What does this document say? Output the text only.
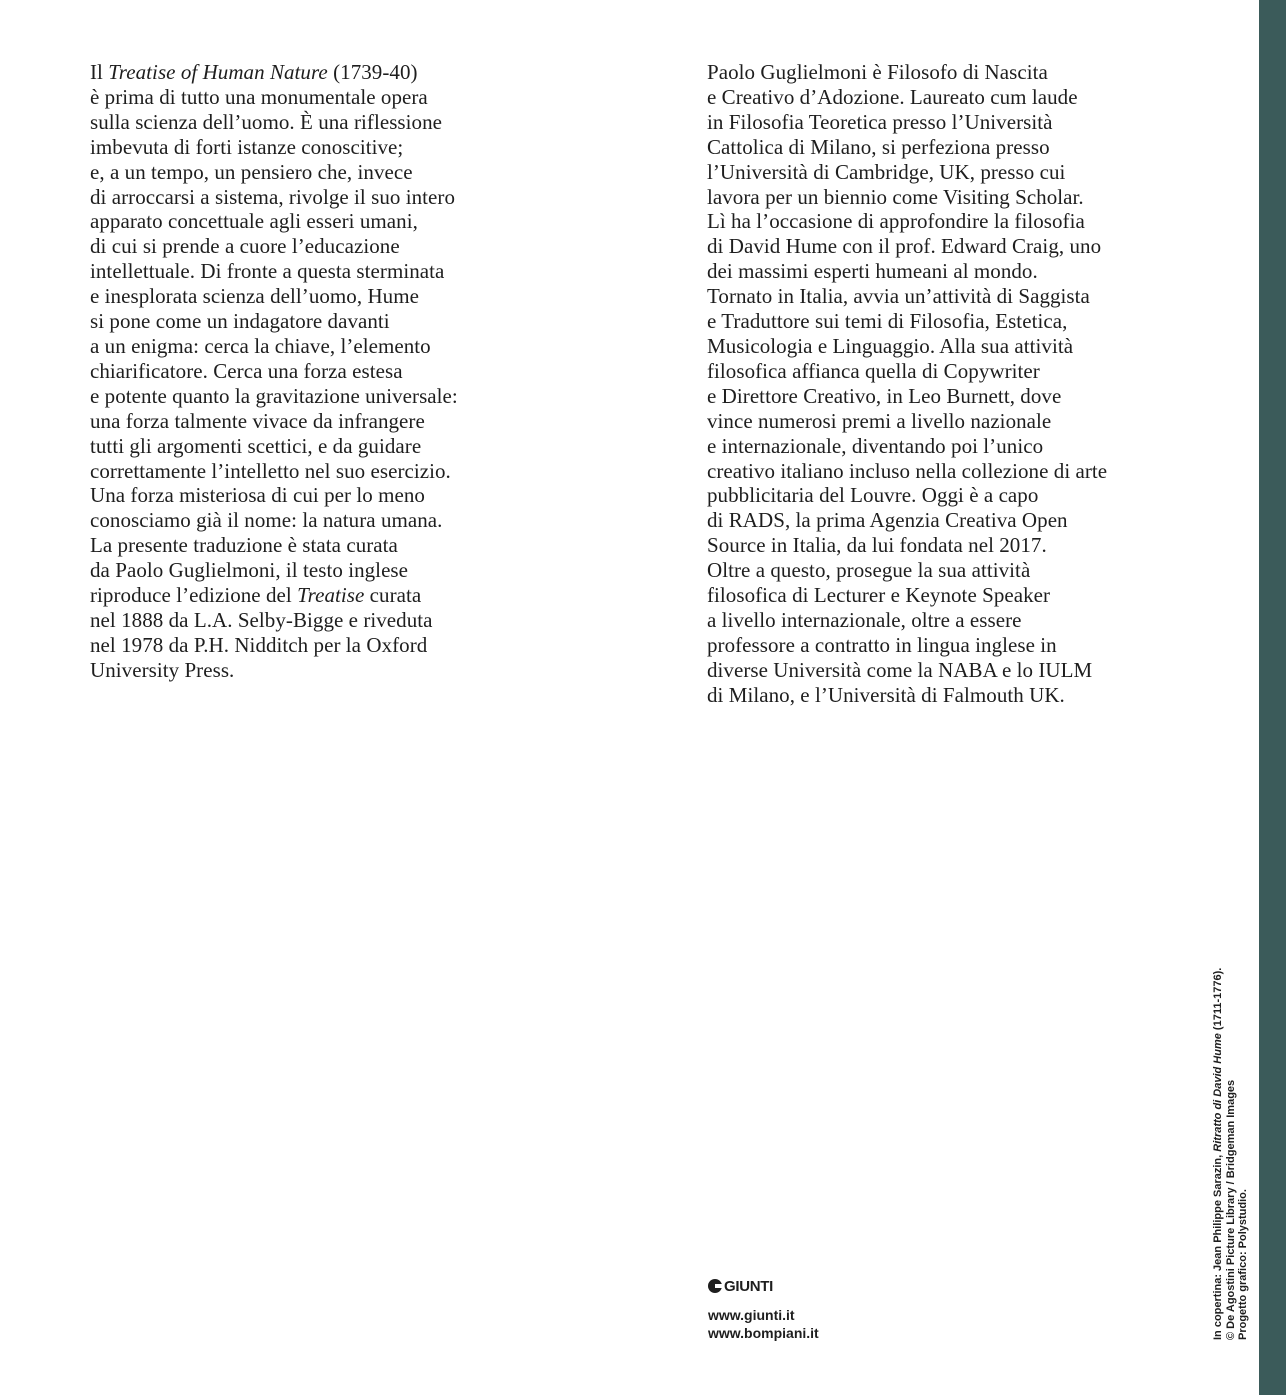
Il Treatise of Human Nature (1739-40)
è prima di tutto una monumentale opera
sulla scienza dell’uomo. È una riflessione
imbevuta di forti istanze conoscitive;
e, a un tempo, un pensiero che, invece
di arroccarsi a sistema, rivolge il suo intero
apparato concettuale agli esseri umani,
di cui si prende a cuore l’educazione
intellettuale. Di fronte a questa sterminata
e inesplorata scienza dell’uomo, Hume
si pone come un indagatore davanti
a un enigma: cerca la chiave, l’elemento
chiarificatore. Cerca una forza estesa
e potente quanto la gravitazione universale:
una forza talmente vivace da infrangere
tutti gli argomenti scettici, e da guidare
correttamente l’intelletto nel suo esercizio.
Una forza misteriosa di cui per lo meno
conosciamo già il nome: la natura umana.
La presente traduzione è stata curata
da Paolo Guglielmoni, il testo inglese
riproduce l’edizione del Treatise curata
nel 1888 da L.A. Selby-Bigge e riveduta
nel 1978 da P.H. Nidditch per la Oxford
University Press.
Paolo Guglielmoni è Filosofo di Nascita
e Creativo d’Adozione. Laureato cum laude
in Filosofia Teoretica presso l’Università
Cattolica di Milano, si perfeziona presso
l’Università di Cambridge, UK, presso cui
lavora per un biennio come Visiting Scholar.
Lì ha l’occasione di approfondire la filosofia
di David Hume con il prof. Edward Craig, uno
dei massimi esperti humeani al mondo.
Tornato in Italia, avvia un’attività di Saggista
e Traduttore sui temi di Filosofia, Estetica,
Musicologia e Linguaggio. Alla sua attività
filosofica affianca quella di Copywriter
e Direttore Creativo, in Leo Burnett, dove
vince numerosi premi a livello nazionale
e internazionale, diventando poi l’unico
creativo italiano incluso nella collezione di arte
pubblicitaria del Louvre. Oggi è a capo
di RADS, la prima Agenzia Creativa Open
Source in Italia, da lui fondata nel 2017.
Oltre a questo, prosegue la sua attività
filosofica di Lecturer e Keynote Speaker
a livello internazionale, oltre a essere
professore a contratto in lingua inglese in
diverse Università come la NABA e lo IULM
di Milano, e l’Università di Falmouth UK.
GIUNTI
www.giunti.it
www.bompiani.it	In copertina: Jean Philippe Sarazin, Ritratto di David Hume (1711-1776).
© De Agostini Picture Library / Bridgeman Images Progetto grafico: Polystudio.
